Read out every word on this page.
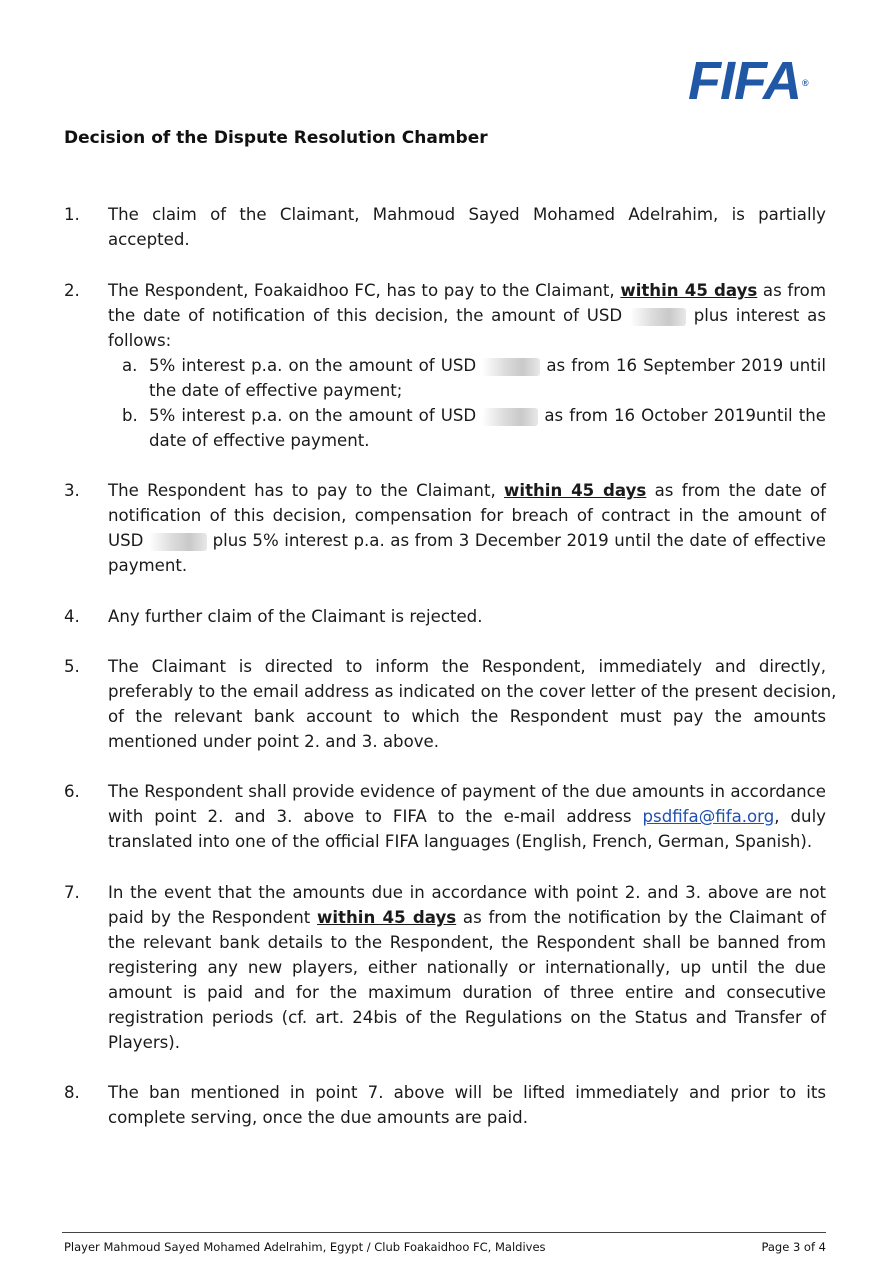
FIFA®
Decision of the Dispute Resolution Chamber
1.	The claim of the Claimant, Mahmoud Sayed Mohamed Adelrahim, is partially
accepted.
2.	The Respondent, Foakaidhoo FC, has to pay to the Claimant, within 45 days as from
the date of notification of this decision, the amount of USD	plus interest as
follows:
a. 5% interest p.a. on the amount of USD	as from 16 September 2019 until
the date of effective payment;
b. 5% interest p.a. on the amount of USD	as from 16 October 2019until the
date of effective payment.
3.	The Respondent has to pay to the Claimant, within 45 days as from the date of
notification of this decision, compensation for breach of contract in the amount of
USD	plus 5% interest p.a. as from 3 December 2019 until the date of effective
payment.
4.	Any further claim of the Claimant is rejected.
5.	The Claimant is directed to inform the Respondent, immediately and directly,
preferably to the email address as indicated on the cover letter of the present decision,
of the relevant bank account to which the Respondent must pay the amounts
mentioned under point 2. and 3. above.
6.	The Respondent shall provide evidence of payment of the due amounts in accordance
with point 2. and 3. above to FIFA to the e-mail address psdfifa@fifa.org, duly
translated into one of the official FIFA languages (English, French, German, Spanish).
7.	In the event that the amounts due in accordance with point 2. and 3. above are not
paid by the Respondent within 45 days as from the notification by the Claimant of
the relevant bank details to the Respondent, the Respondent shall be banned from
registering any new players, either nationally or internationally, up until the due
amount is paid and for the maximum duration of three entire and consecutive
registration periods (cf. art. 24bis of the Regulations on the Status and Transfer of
Players).
8.	The ban mentioned in point 7. above will be lifted immediately and prior to its
complete serving, once the due amounts are paid.
Player Mahmoud Sayed Mohamed Adelrahim, Egypt / Club Foakaidhoo FC, Maldives	Page 3 of 4
